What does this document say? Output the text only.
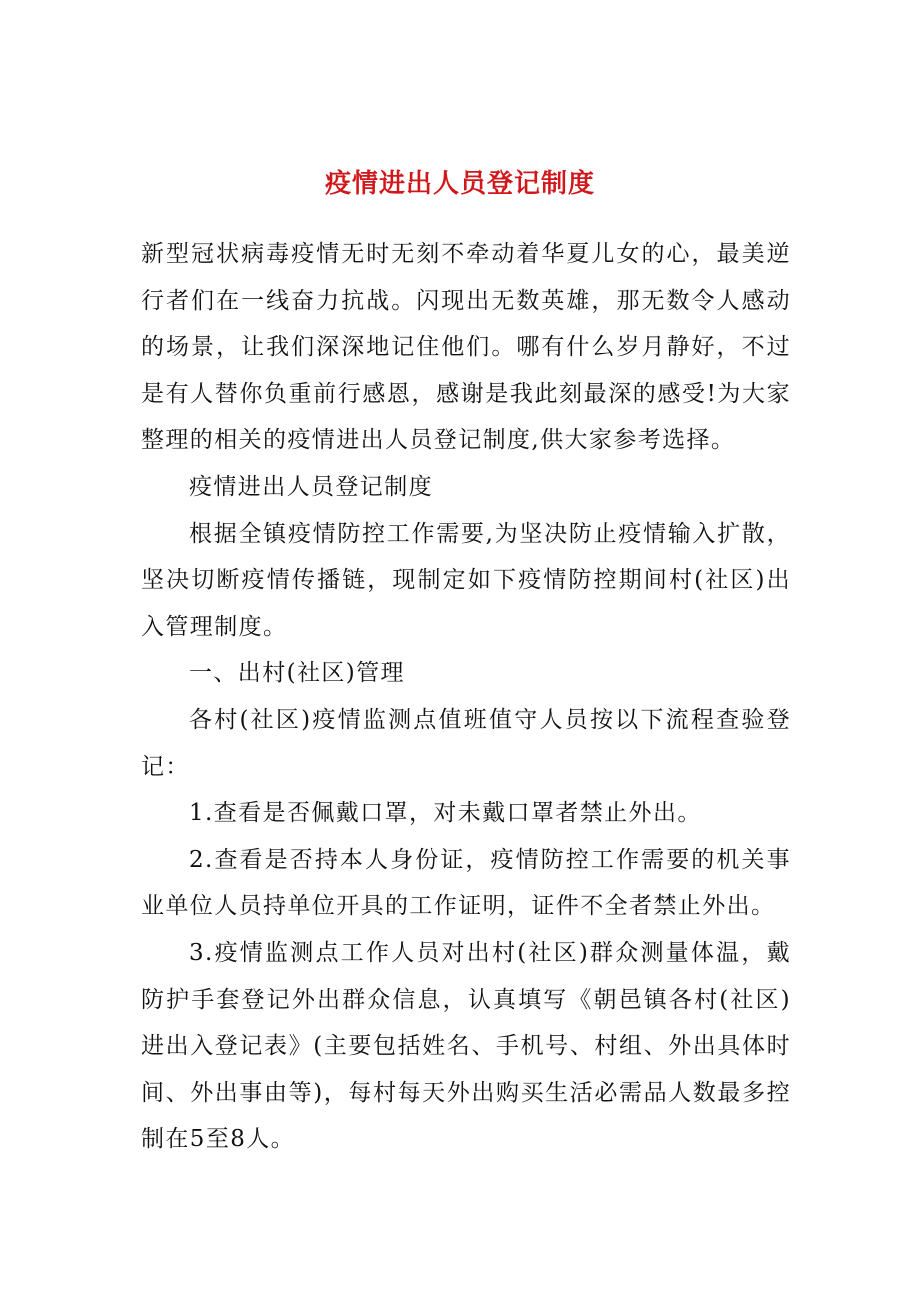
疫情进出人员登记制度

新型冠状病毒疫情无时无刻不牵动着华夏儿女的心，最美逆行者们在一线奋力抗战。闪现出无数英雄，那无数令人感动的场景，让我们深深地记住他们。哪有什么岁月静好，不过是有人替你负重前行感恩，感谢是我此刻最深的感受!为大家整理的相关的疫情进出人员登记制度,供大家参考选择。

疫情进出人员登记制度

根据全镇疫情防控工作需要,为坚决防止疫情输入扩散，坚决切断疫情传播链，现制定如下疫情防控期间村(社区)出入管理制度。

一、出村(社区)管理

各村(社区)疫情监测点值班值守人员按以下流程查验登记：

1.查看是否佩戴口罩，对未戴口罩者禁止外出。

2.查看是否持本人身份证，疫情防控工作需要的机关事业单位人员持单位开具的工作证明，证件不全者禁止外出。

3.疫情监测点工作人员对出村(社区)群众测量体温，戴防护手套登记外出群众信息，认真填写《朝邑镇各村(社区)进出入登记表》(主要包括姓名、手机号、村组、外出具体时间、外出事由等)，每村每天外出购买生活必需品人数最多控制在5至8人。
